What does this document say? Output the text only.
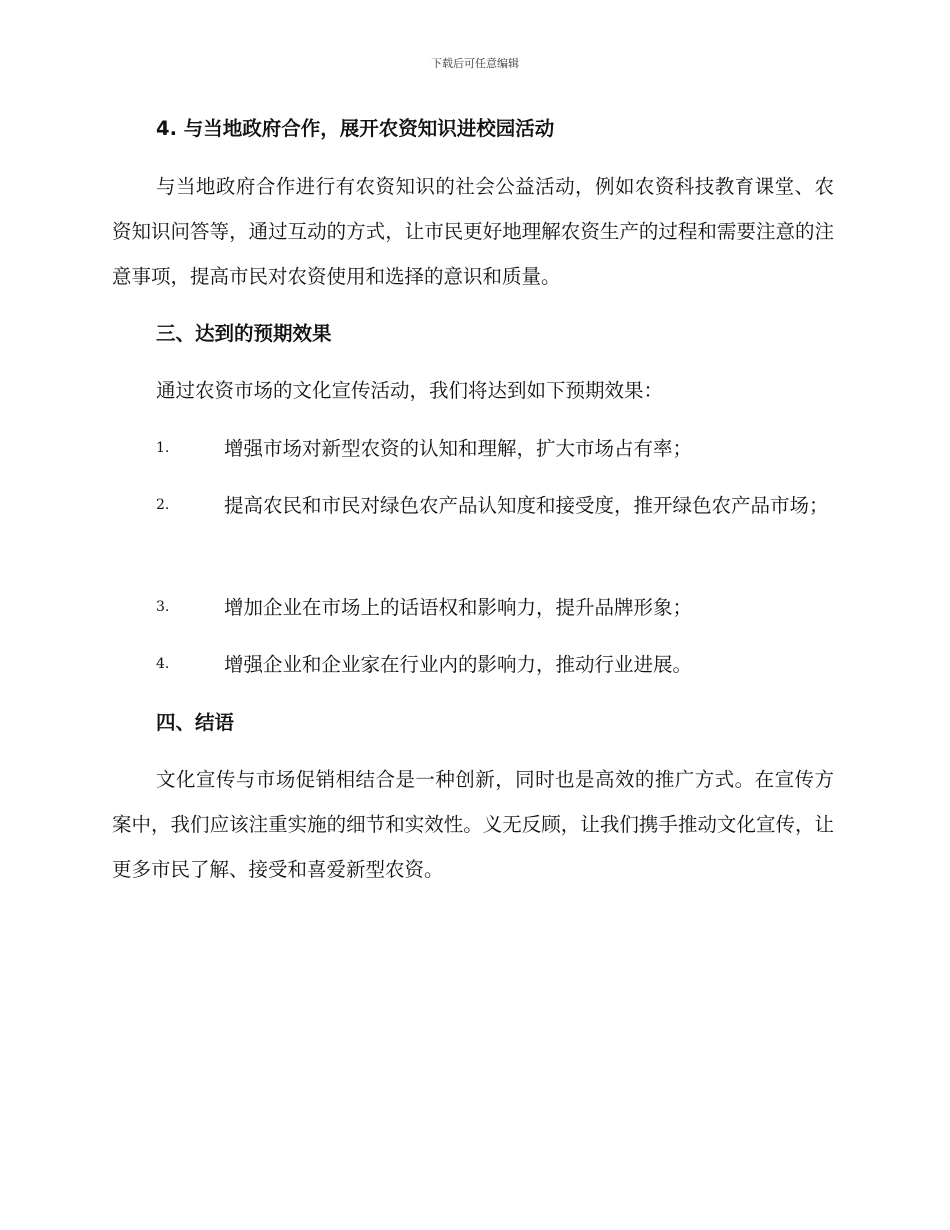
下载后可任意编辑
4. 与当地政府合作，展开农资知识进校园活动
与当地政府合作进行有农资知识的社会公益活动，例如农资科技教育课堂、农资知识问答等，通过互动的方式，让市民更好地理解农资生产的过程和需要注意的注意事项，提高市民对农资使用和选择的意识和质量。
三、达到的预期效果
通过农资市场的文化宣传活动，我们将达到如下预期效果：
1.	增强市场对新型农资的认知和理解，扩大市场占有率；
2.	提高农民和市民对绿色农产品认知度和接受度，推开绿色农产品市场；
3.	增加企业在市场上的话语权和影响力，提升品牌形象；
4.	增强企业和企业家在行业内的影响力，推动行业进展。
四、结语
文化宣传与市场促销相结合是一种创新，同时也是高效的推广方式。在宣传方案中，我们应该注重实施的细节和实效性。义无反顾，让我们携手推动文化宣传，让更多市民了解、接受和喜爱新型农资。
